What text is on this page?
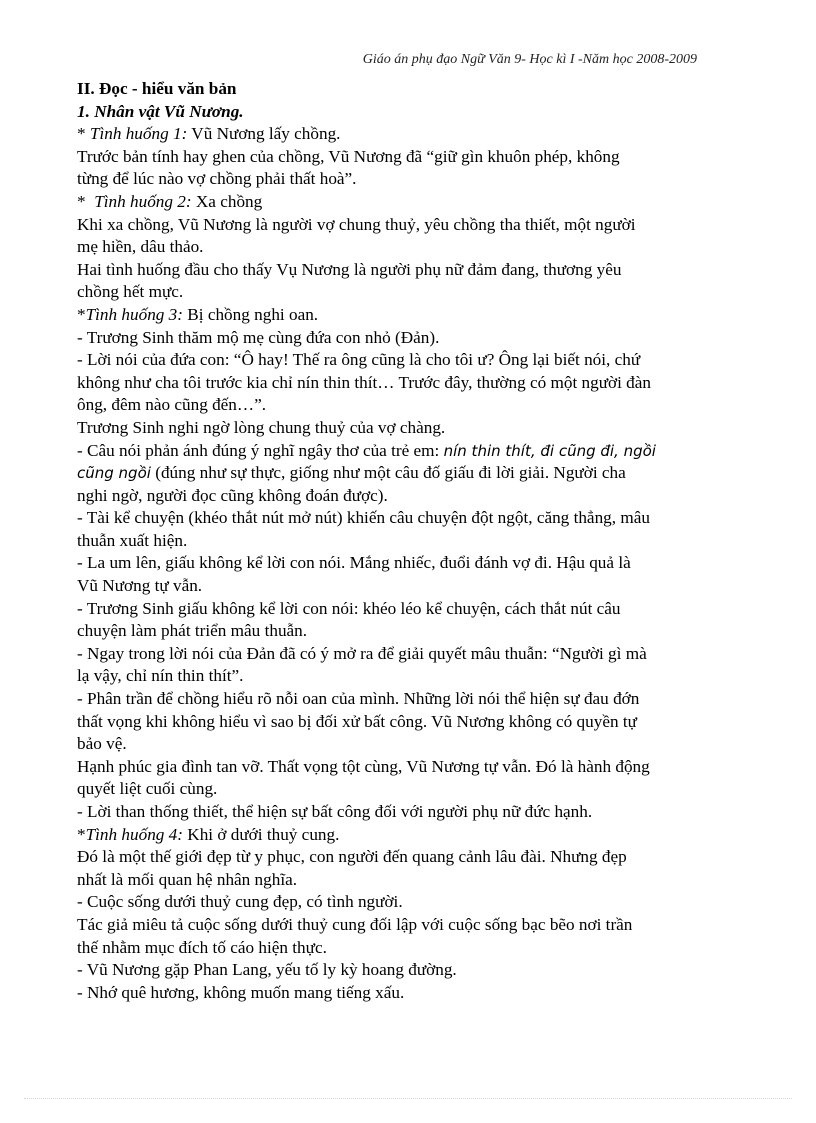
Giáo án phụ đạo Ngữ Văn 9- Học kì I -Năm học 2008-2009
II. Đọc - hiểu văn bản
1. Nhân vật Vũ Nương.
* Tình huống 1: Vũ Nương lấy chồng.
Trước bản tính hay ghen của chồng, Vũ Nương đã “giữ gìn khuôn phép, không
từng để lúc nào vợ chồng phải thất hoà”.
*  Tình huống 2: Xa chồng
Khi xa chồng, Vũ Nương là người vợ chung thuỷ, yêu chồng tha thiết, một người
mẹ hiền, dâu thảo.
Hai tình huống đầu cho thấy Vụ Nương là người phụ nữ đảm đang, thương yêu
chồng hết mực.
*Tình huống 3: Bị chồng nghi oan.
- Trương Sinh thăm mộ mẹ cùng đứa con nhỏ (Đản).
- Lời nói của đứa con: “Ô hay! Thế ra ông cũng là cho tôi ư? Ông lại biết nói, chứ
không như cha tôi trước kia chỉ nín thin thít… Trước đây, thường có một người đàn
ông, đêm nào cũng đến…”.
Trương Sinh nghi ngờ lòng chung thuỷ của vợ chàng.
- Câu nói phản ánh đúng ý nghĩ ngây thơ của trẻ em: nín thin thít, đi cũng đi, ngồi
cũng ngồi (đúng như sự thực, giống như một câu đố giấu đi lời giải. Người cha
nghi ngờ, người đọc cũng không đoán được).
- Tài kể chuyện (khéo thắt nút mở nút) khiến câu chuyện đột ngột, căng thẳng, mâu
thuẫn xuất hiện.
- La um lên, giấu không kể lời con nói. Mắng nhiếc, đuổi đánh vợ đi. Hậu quả là
Vũ Nương tự vẫn.
- Trương Sinh giấu không kể lời con nói: khéo léo kể chuyện, cách thắt nút câu
chuyện làm phát triển mâu thuẫn.
- Ngay trong lời nói của Đản đã có ý mở ra để giải quyết mâu thuẫn: “Người gì mà
lạ vậy, chỉ nín thin thít”.
- Phân trần để chồng hiểu rõ nỗi oan của mình. Những lời nói thể hiện sự đau đớn
thất vọng khi không hiểu vì sao bị đối xử bất công. Vũ Nương không có quyền tự
bảo vệ.
Hạnh phúc gia đình tan vỡ. Thất vọng tột cùng, Vũ Nương tự vẫn. Đó là hành động
quyết liệt cuối cùng.
- Lời than thống thiết, thể hiện sự bất công đối với người phụ nữ đức hạnh.
*Tình huống 4: Khi ở dưới thuỷ cung.
Đó là một thế giới đẹp từ y phục, con người đến quang cảnh lâu đài. Nhưng đẹp
nhất là mối quan hệ nhân nghĩa.
- Cuộc sống dưới thuỷ cung đẹp, có tình người.
Tác giả miêu tả cuộc sống dưới thuỷ cung đối lập với cuộc sống bạc bẽo nơi trần
thế nhằm mục đích tố cáo hiện thực.
- Vũ Nương gặp Phan Lang, yếu tố ly kỳ hoang đường.
- Nhớ quê hương, không muốn mang tiếng xấu.
